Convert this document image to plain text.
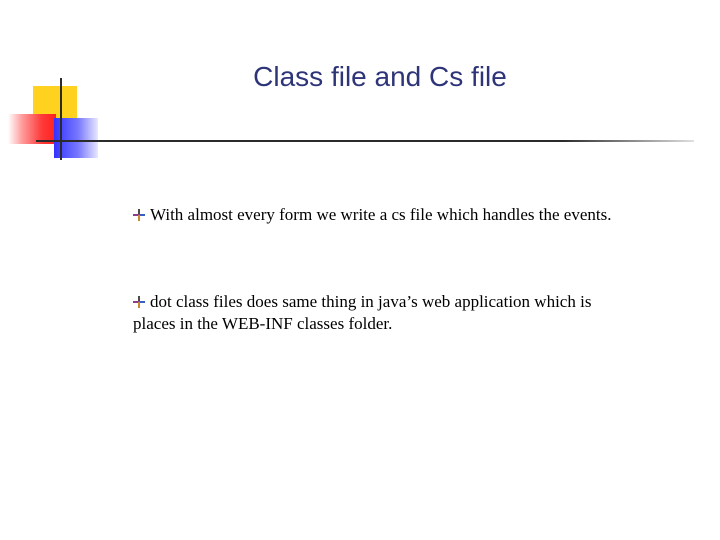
Class file and Cs file
With almost every form we write a cs file which handles the events.
dot class files does same thing in java’s web application which is places in the WEB-INF classes folder.
